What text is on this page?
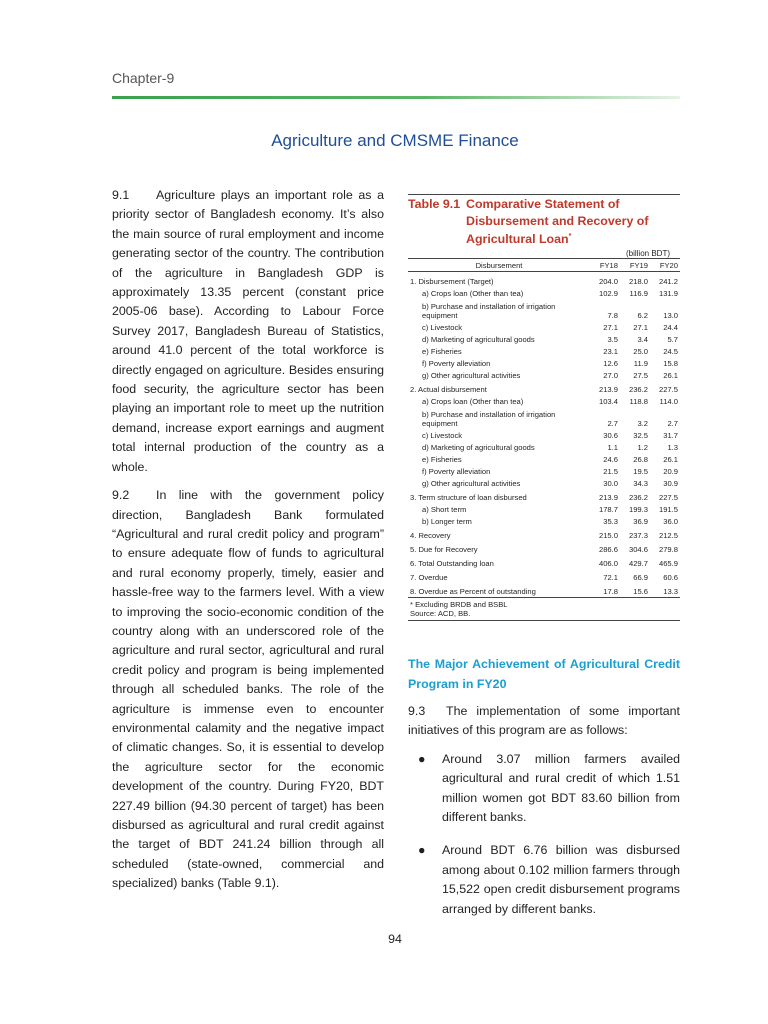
Chapter-9
Agriculture and CMSME Finance

9.1 Agriculture plays an important role as a priority sector of Bangladesh economy. It’s also the main source of rural employment and income generating sector of the country. The contribution of the agriculture in Bangladesh GDP is approximately 13.35 percent (constant price 2005-06 base). According to Labour Force Survey 2017, Bangladesh Bureau of Statistics, around 41.0 percent of the total workforce is directly engaged on agriculture. Besides ensuring food security, the agriculture sector has been playing an important role to meet up the nutrition demand, increase export earnings and augment total internal production of the country as a whole.

9.2 In line with the government policy direction, Bangladesh Bank formulated “Agricultural and rural credit policy and program” to ensure adequate flow of funds to agricultural and rural economy properly, timely, easier and hassle-free way to the farmers level. With a view to improving the socio-economic condition of the country along with an underscored role of the agriculture and rural sector, agricultural and rural credit policy and program is being implemented through all scheduled banks. The role of the agriculture is immense even to encounter environmental calamity and the negative impact of climatic changes. So, it is essential to develop the agriculture sector for the economic development of the country. During FY20, BDT 227.49 billion (94.30 percent of target) has been disbursed as agricultural and rural credit against the target of BDT 241.24 billion through all scheduled (state-owned, commercial and specialized) banks (Table 9.1).

Table 9.1 Comparative Statement of Disbursement and Recovery of Agricultural Loan*
(billion BDT)
Disbursement	FY18	FY19	FY20
1. Disbursement (Target)	204.0	218.0	241.2
a) Crops loan (Other than tea)	102.9	116.9	131.9
b) Purchase and installation of irrigation equipment	7.8	6.2	13.0
c) Livestock	27.1	27.1	24.4
d) Marketing of agricultural goods	3.5	3.4	5.7
e) Fisheries	23.1	25.0	24.5
f) Poverty alleviation	12.6	11.9	15.8
g) Other agricultural activities	27.0	27.5	26.1
2. Actual disbursement	213.9	236.2	227.5
a) Crops loan (Other than tea)	103.4	118.8	114.0
b) Purchase and installation of irrigation equipment	2.7	3.2	2.7
c) Livestock	30.6	32.5	31.7
d) Marketing of agricultural goods	1.1	1.2	1.3
e) Fisheries	24.6	26.8	26.1
f) Poverty alleviation	21.5	19.5	20.9
g) Other agricultural activities	30.0	34.3	30.9
3. Term structure of loan disbursed	213.9	236.2	227.5
a) Short term	178.7	199.3	191.5
b) Longer term	35.3	36.9	36.0
4. Recovery	215.0	237.3	212.5
5. Due for Recovery	286.6	304.6	279.8
6. Total Outstanding loan	406.0	429.7	465.9
7. Overdue	72.1	66.9	60.6
8. Overdue as Percent of outstanding	17.8	15.6	13.3
* Excluding BRDB and BSBL
Source: ACD, BB.
The Major Achievement of Agricultural Credit Program in FY20

9.3 The implementation of some important initiatives of this program are as follows:

● Around 3.07 million farmers availed agricultural and rural credit of which 1.51 million women got BDT 83.60 billion from different banks.
● Around BDT 6.76 billion was disbursed among about 0.102 million farmers through 15,522 open credit disbursement programs arranged by different banks.
94
